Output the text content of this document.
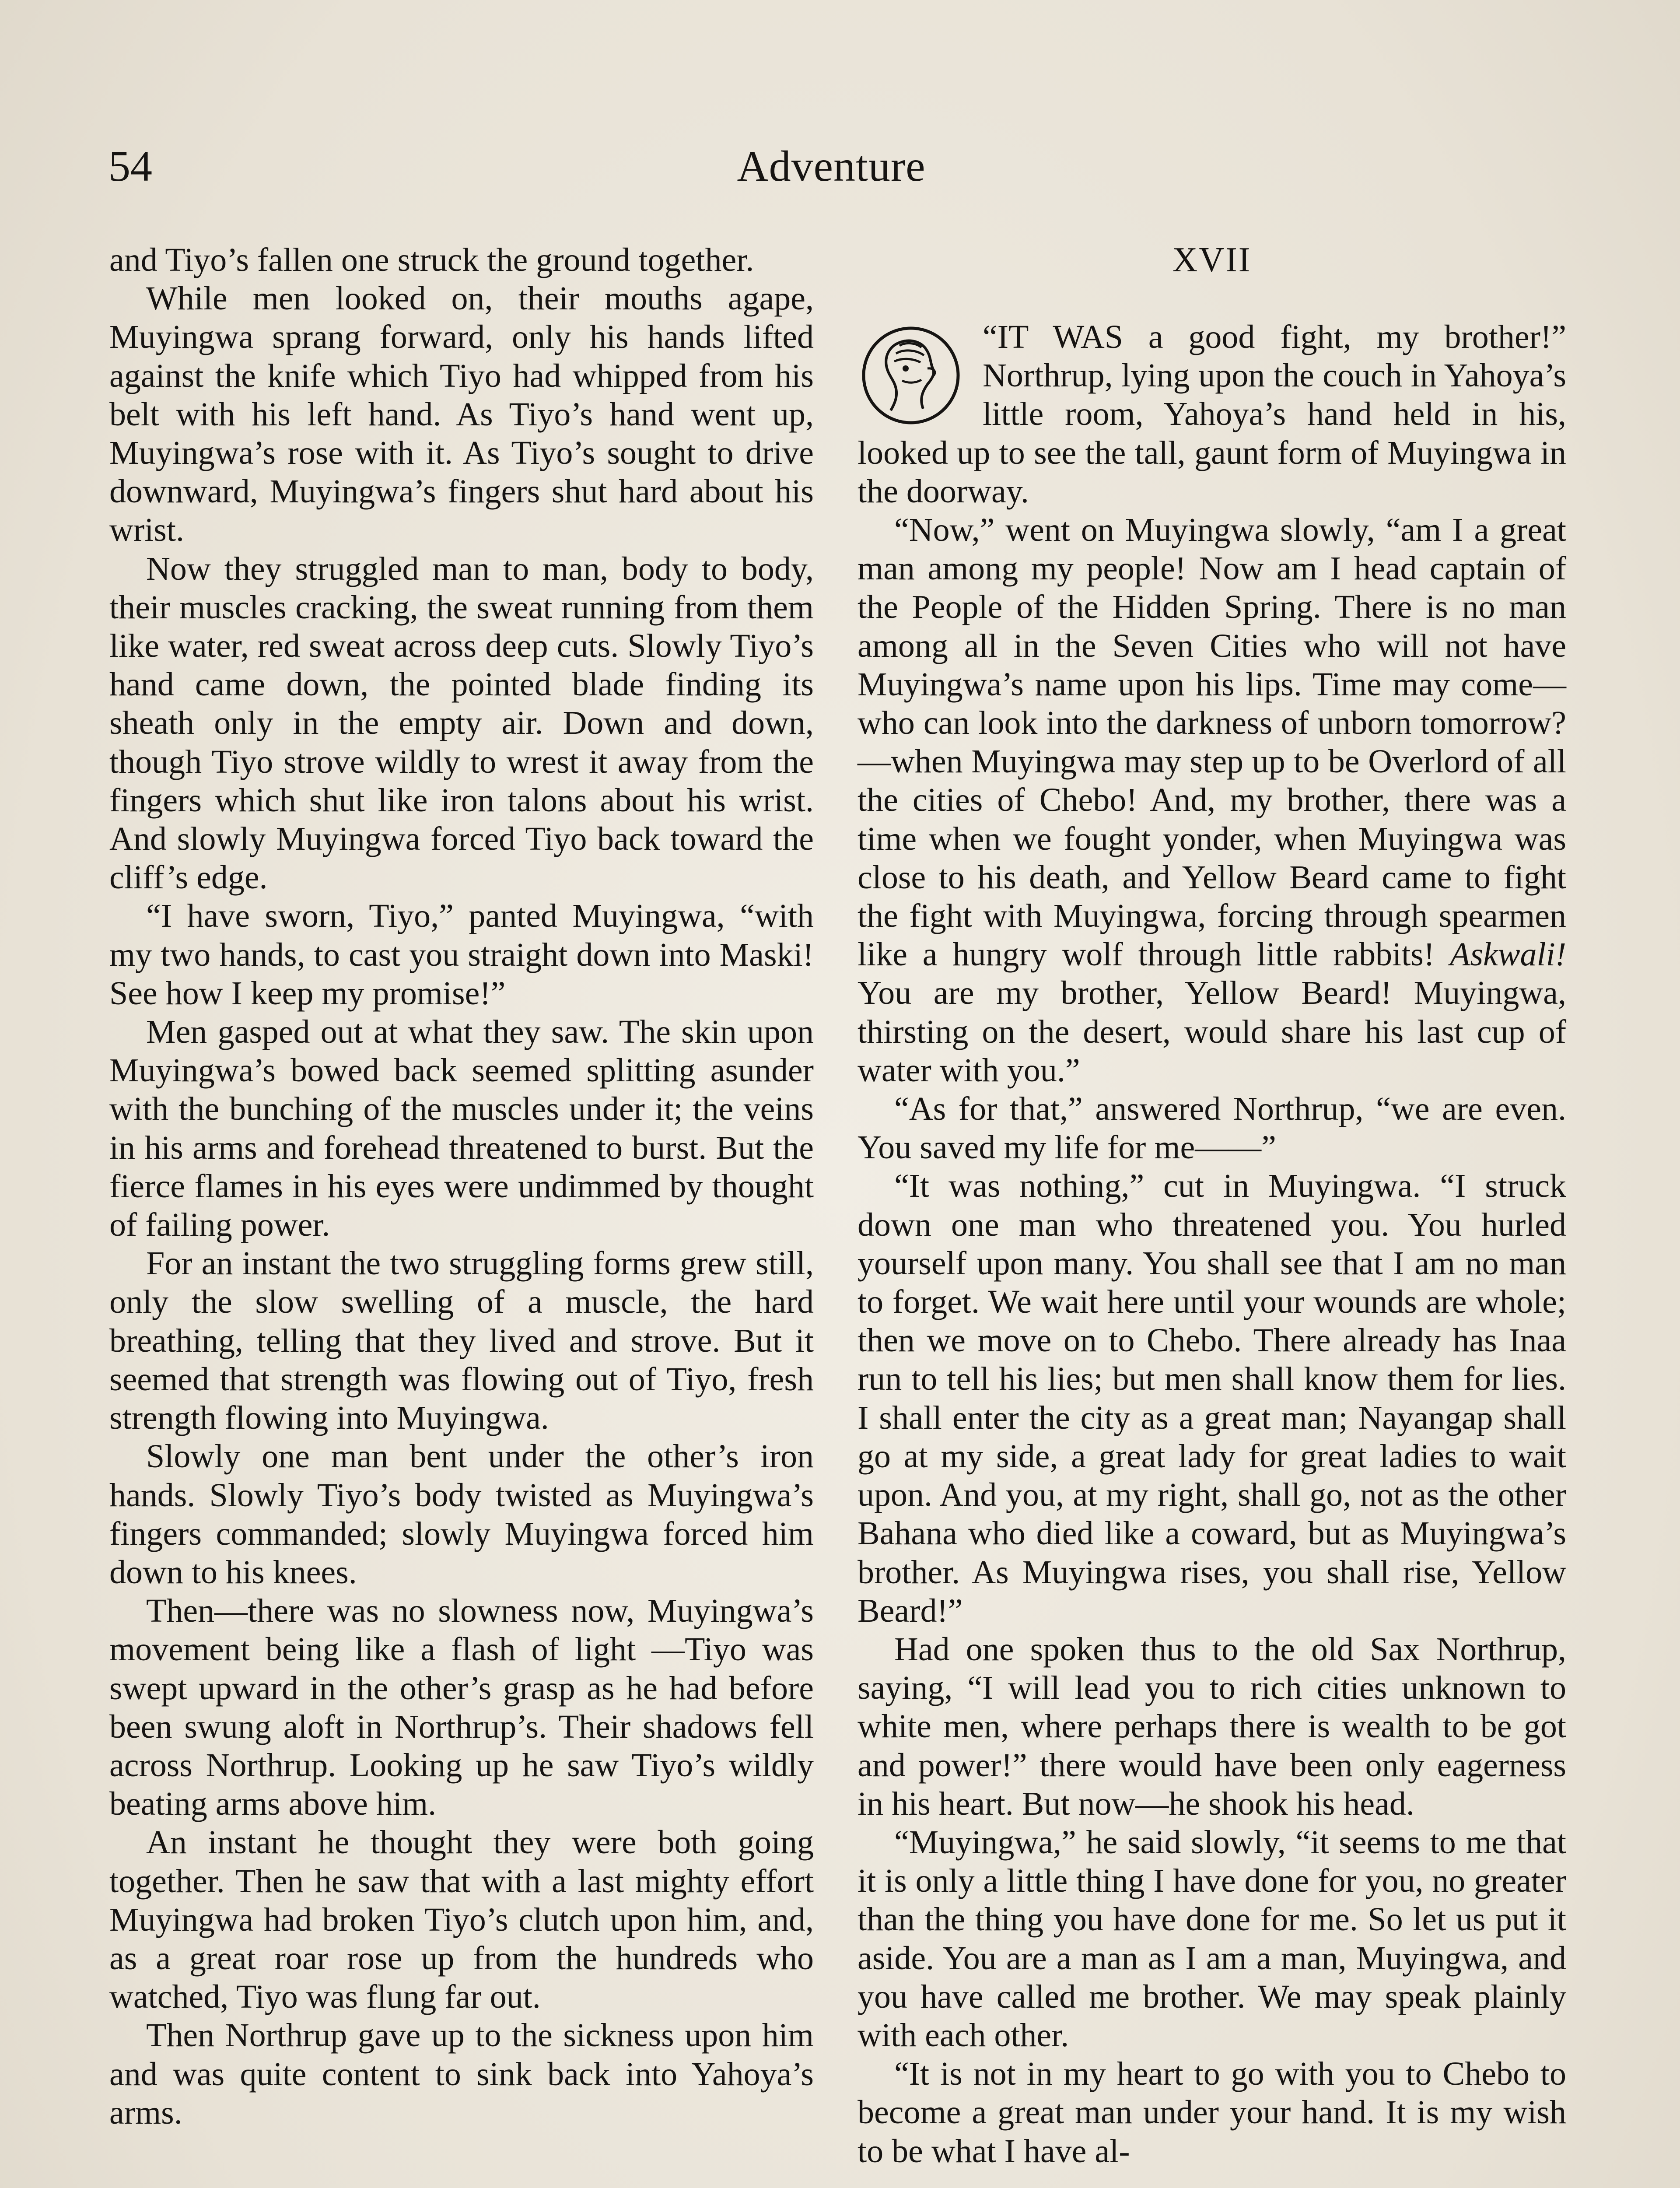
54	Adventure

and Tiyo’s fallen one struck the ground together.

While men looked on, their mouths agape, Muyingwa sprang forward, only his hands lifted against the knife which Tiyo had whipped from his belt with his left hand. As Tiyo’s hand went up, Muyingwa’s rose with it. As Tiyo’s sought to drive downward, Muyingwa’s fingers shut hard about his wrist.

Now they struggled man to man, body to body, their muscles cracking, the sweat running from them like water, red sweat across deep cuts. Slowly Tiyo’s hand came down, the pointed blade finding its sheath only in the empty air. Down and down, though Tiyo strove wildly to wrest it away from the fingers which shut like iron talons about his wrist. And slowly Muyingwa forced Tiyo back toward the cliff’s edge.

“I have sworn, Tiyo,” panted Muyingwa, “with my two hands, to cast you straight down into Maski! See how I keep my promise!”

Men gasped out at what they saw. The skin upon Muyingwa’s bowed back seemed splitting asunder with the bunching of the muscles under it; the veins in his arms and forehead threatened to burst. But the fierce flames in his eyes were undimmed by thought of failing power.

For an instant the two struggling forms grew still, only the slow swelling of a muscle, the hard breathing, telling that they lived and strove. But it seemed that strength was flowing out of Tiyo, fresh strength flowing into Muyingwa.

Slowly one man bent under the other’s iron hands. Slowly Tiyo’s body twisted as Muyingwa’s fingers commanded; slowly Muyingwa forced him down to his knees.

Then—there was no slowness now, Muyingwa’s movement being like a flash of light —Tiyo was swept upward in the other’s grasp as he had before been swung aloft in Northrup’s. Their shadows fell across Northrup. Looking up he saw Tiyo’s wildly beating arms above him.

An instant he thought they were both going together. Then he saw that with a last mighty effort Muyingwa had broken Tiyo’s clutch upon him, and, as a great roar rose up from the hundreds who watched, Tiyo was flung far out.

Then Northrup gave up to the sickness upon him and was quite content to sink back into Yahoya’s arms.

XVII

“IT WAS a good fight, my brother!” Northrup, lying upon the couch in Yahoya’s little room, Yahoya’s hand held in his, looked up to see the tall, gaunt form of Muyingwa in the doorway.

“Now,” went on Muyingwa slowly, “am I a great man among my people! Now am I head captain of the People of the Hidden Spring. There is no man among all in the Seven Cities who will not have Muyingwa’s name upon his lips. Time may come— who can look into the darkness of unborn tomorrow?—when Muyingwa may step up to be Overlord of all the cities of Chebo! And, my brother, there was a time when we fought yonder, when Muyingwa was close to his death, and Yellow Beard came to fight the fight with Muyingwa, forcing through spearmen like a hungry wolf through little rabbits! Askwali! You are my brother, Yellow Beard! Muyingwa, thirsting on the desert, would share his last cup of water with you.”

“As for that,” answered Northrup, “we are even. You saved my life for me——”

“It was nothing,” cut in Muyingwa. “I struck down one man who threatened you. You hurled yourself upon many. You shall see that I am no man to forget. We wait here until your wounds are whole; then we move on to Chebo. There already has Inaa run to tell his lies; but men shall know them for lies. I shall enter the city as a great man; Nayangap shall go at my side, a great lady for great ladies to wait upon. And you, at my right, shall go, not as the other Bahana who died like a coward, but as Muyingwa’s brother. As Muyingwa rises, you shall rise, Yellow Beard!”

Had one spoken thus to the old Sax Northrup, saying, “I will lead you to rich cities unknown to white men, where perhaps there is wealth to be got and power!” there would have been only eagerness in his heart. But now—he shook his head.

“Muyingwa,” he said slowly, “it seems to me that it is only a little thing I have done for you, no greater than the thing you have done for me. So let us put it aside. You are a man as I am a man, Muyingwa, and you have called me brother. We may speak plainly with each other.

“It is not in my heart to go with you to Chebo to become a great man under your hand. It is my wish to be what I have al-
